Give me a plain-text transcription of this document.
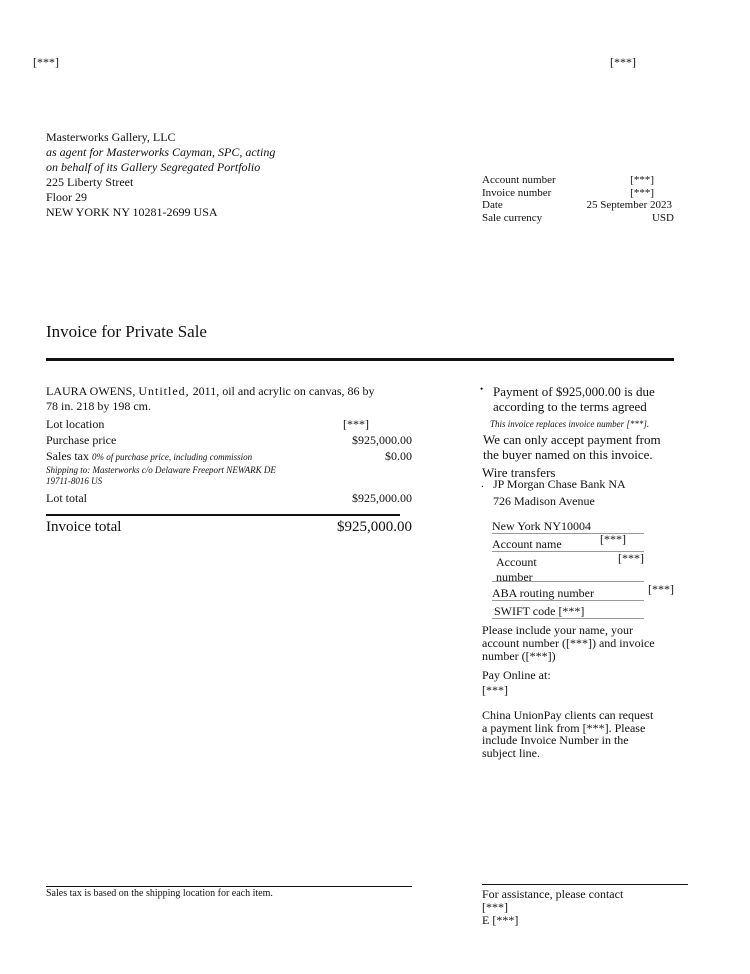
[***]	[***]
Masterworks Gallery, LLC
as agent for Masterworks Cayman, SPC, acting
on behalf of its Gallery Segregated Portfolio
225 Liberty Street
Floor 29
NEW YORK NY 10281-2699 USA
Account number	[***]
Invoice number	[***]
Date	25 September 2023
Sale currency	USD
Invoice for Private Sale
LAURA OWENS, Untitled, 2011, oil and acrylic on canvas, 86 by
78 in. 218 by 198 cm.
Lot location	[***]
Purchase price	$925,000.00
Sales tax 0% of purchase price, including commission	$0.00
Shipping to: Masterworks c/o Delaware Freeport NEWARK DE
19711-8016 US
Lot total	$925,000.00
Invoice total	$925,000.00
• Payment of $925,000.00 is due
according to the terms agreed
This invoice replaces invoice number [***].
We can only accept payment from
the buyer named on this invoice.
Wire transfers
. JP Morgan Chase Bank NA
726 Madison Avenue
New York NY10004
Account name	[***]
Account
number
[***]
ABA routing number	[***]
SWIFT code [***]
Please include your name, your
account number ([***]) and invoice
number ([***])
Pay Online at:
[***]
China UnionPay clients can request
a payment link from [***]. Please
include Invoice Number in the
subject line.
Sales tax is based on the shipping location for each item.	For assistance, please contact
[***]
E [***]
